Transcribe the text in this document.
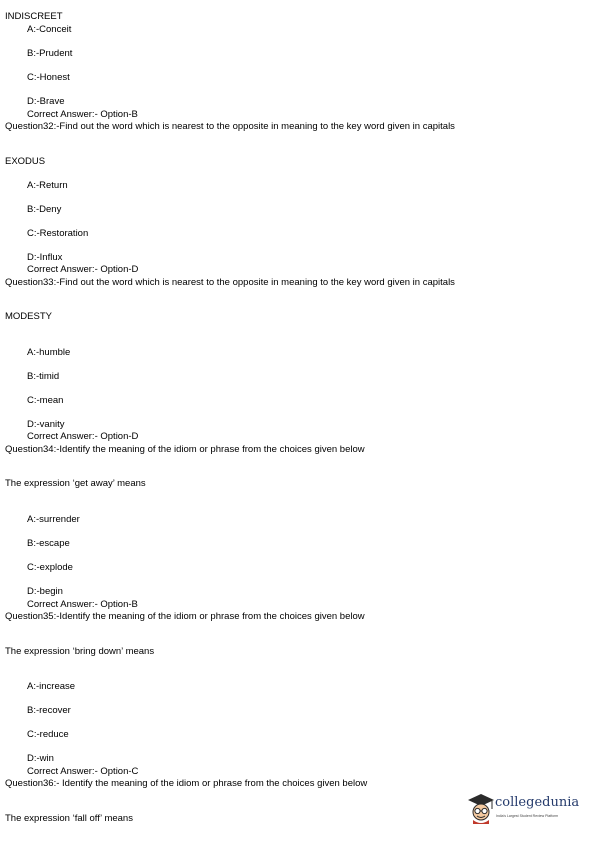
INDISCREET
A:-Conceit
B:-Prudent
C:-Honest
D:-Brave
Correct Answer:- Option-B
Question32:-Find out the word which is nearest to the opposite in meaning to the key word given in capitals
EXODUS
A:-Return
B:-Deny
C:-Restoration
D:-Influx
Correct Answer:- Option-D
Question33:-Find out the word which is nearest to the opposite in meaning to the key word given in capitals
MODESTY
A:-humble
B:-timid
C:-mean
D:-vanity
Correct Answer:- Option-D
Question34:-Identify the meaning of the idiom or phrase from the choices given below
The expression ‘get away’ means
A:-surrender
B:-escape
C:-explode
D:-begin
Correct Answer:- Option-B
Question35:-Identify the meaning of the idiom or phrase from the choices given below
The expression ‘bring down’ means
A:-increase
B:-recover
C:-reduce
D:-win
Correct Answer:- Option-C
Question36:- Identify the meaning of the idiom or phrase from the choices given below
The expression ‘fall off’ means
collegedunia
India's Largest Student Review Platform
